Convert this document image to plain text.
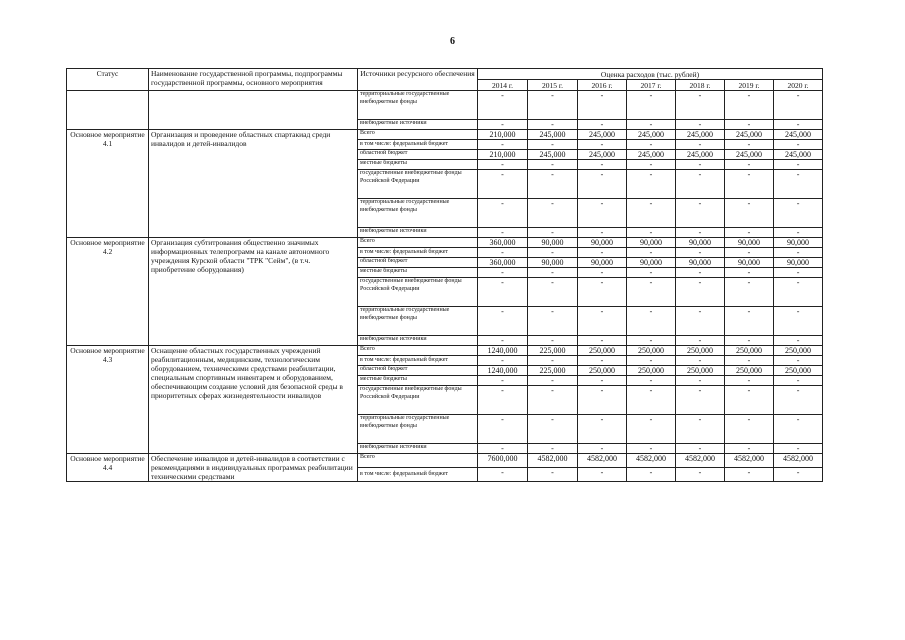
6
Статус	Наименование государственной программы, подпрограммы государственной программы, основного мероприятия	Источники ресурсного обеспечения	Оценка расходов (тыс. рублей)						
			2014 г.	2015 г.	2016 г.	2017 г.	2018 г.	2019 г.	2020 г.
		территориальные государственные внебюджетные фонды	-	-	-	-	-	-	-
		внебюджетные источники	-	-	-	-	-	-	-
Основное мероприятие 4.1	Организация и проведение областных спартакиад среди инвалидов и детей-инвалидов	Всего	210,000	245,000	245,000	245,000	245,000	245,000	245,000
		в том числе: федеральный бюджет	-	-	-	-	-	-	-
		областной бюджет	210,000	245,000	245,000	245,000	245,000	245,000	245,000
		местные бюджеты	-	-	-	-	-	-	-
		государственные внебюджетные фонды Российской Федерации	-	-	-	-	-	-	-
		территориальные государственные внебюджетные фонды	-	-	-	-	-	-	-
		внебюджетные источники	-	-	-	-	-	-	-
Основное мероприятие 4.2	Организация субтитрования общественно значимых информационных телепрограмм на канале автономного учреждения Курской области "ТРК "Сейм", (в т.ч. приобретение оборудования)	Всего	360,000	90,000	90,000	90,000	90,000	90,000	90,000
		в том числе: федеральный бюджет	-	-	-	-	-	-	-
		областной бюджет	360,000	90,000	90,000	90,000	90,000	90,000	90,000
		местные бюджеты	-	-	-	-	-	-	-
		государственные внебюджетные фонды Российской Федерации	-	-	-	-	-	-	-
		территориальные государственные внебюджетные фонды	-	-	-	-	-	-	-
		внебюджетные источники	-	-	-	-	-	-	-
Основное мероприятие 4.3	Оснащение областных государственных учреждений реабилитационным, медицинским, технологическим оборудованием, техническими средствами реабилитации, специальным спортивным инвентарем и оборудованием, обеспечивающим создание условий для безопасной среды в приоритетных сферах жизнедеятельности инвалидов	Всего	1240,000	225,000	250,000	250,000	250,000	250,000	250,000
		в том числе: федеральный бюджет	-	-	-	-	-	-	-
		областной бюджет	1240,000	225,000	250,000	250,000	250,000	250,000	250,000
		местные бюджеты	-	-	-	-	-	-	-
		государственные внебюджетные фонды Российской Федерации	-	-	-	-	-	-	-
		территориальные государственные внебюджетные фонды	-	-	-	-	-	-	-
		внебюджетные источники	-	-	-	-	-	-	-
Основное мероприятие 4.4	Обеспечение инвалидов и детей-инвалидов в соответствии с рекомендациями в индивидуальных программах реабилитации техническими средствами	Всего	7600,000	4582,000	4582,000	4582,000	4582,000	4582,000	4582,000
		в том числе: федеральный бюджет	-	-	-	-	-	-	-
